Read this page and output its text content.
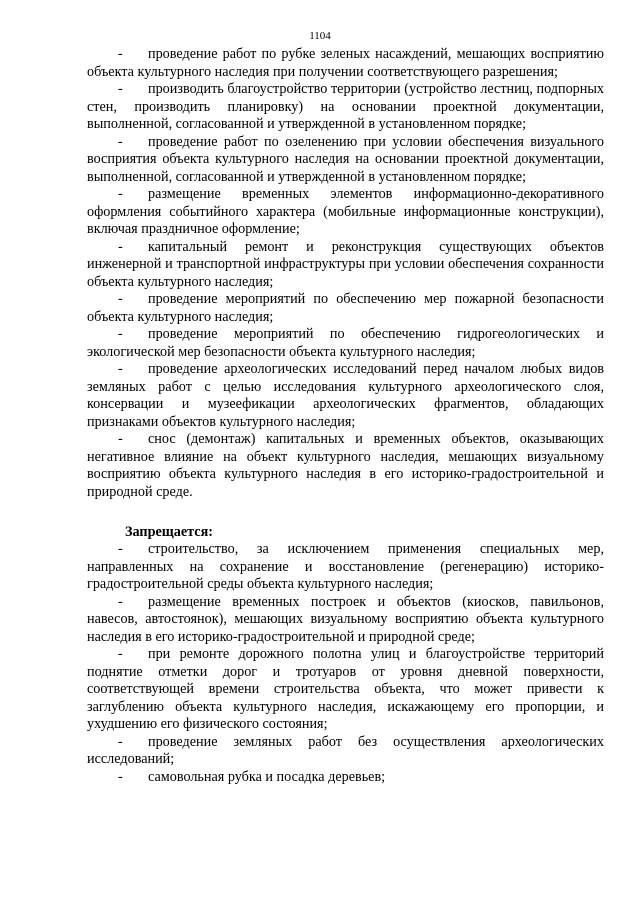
1104

- проведение работ по рубке зеленых насаждений, мешающих восприятию объекта культурного наследия при получении соответствующего разрешения;

- производить благоустройство территории (устройство лестниц, подпорных стен, производить планировку) на основании проектной документации, выполненной, согласованной и утвержденной в установленном порядке;

- проведение работ по озеленению при условии обеспечения визуального восприятия объекта культурного наследия на основании проектной документации, выполненной, согласованной и утвержденной в установленном порядке;

- размещение временных элементов информационно-декоративного оформления событийного характера (мобильные информационные конструкции), включая праздничное оформление;

- капитальный ремонт и реконструкция существующих объектов инженерной и транспортной инфраструктуры при условии обеспечения сохранности объекта культурного наследия;

- проведение мероприятий по обеспечению мер пожарной безопасности объекта культурного наследия;

- проведение мероприятий по обеспечению гидрогеологических и экологической мер безопасности объекта культурного наследия;

- проведение археологических исследований перед началом любых видов земляных работ с целью исследования культурного археологического слоя, консервации и музеефикации археологических фрагментов, обладающих признаками объектов культурного наследия;

- снос (демонтаж) капитальных и временных объектов, оказывающих негативное влияние на объект культурного наследия, мешающих визуальному восприятию объекта культурного наследия в его историко-градостроительной и природной среде.

Запрещается:

- строительство, за исключением применения специальных мер, направленных на сохранение и восстановление (регенерацию) историко-градостроительной среды объекта культурного наследия;

- размещение временных построек и объектов (киосков, павильонов, навесов, автостоянок), мешающих визуальному восприятию объекта культурного наследия в его историко-градостроительной и природной среде;

- при ремонте дорожного полотна улиц и благоустройстве территорий поднятие отметки дорог и тротуаров от уровня дневной поверхности, соответствующей времени строительства объекта, что может привести к заглублению объекта культурного наследия, искажающему его пропорции, и ухудшению его физического состояния;

- проведение земляных работ без осуществления археологических исследований;

- самовольная рубка и посадка деревьев;
